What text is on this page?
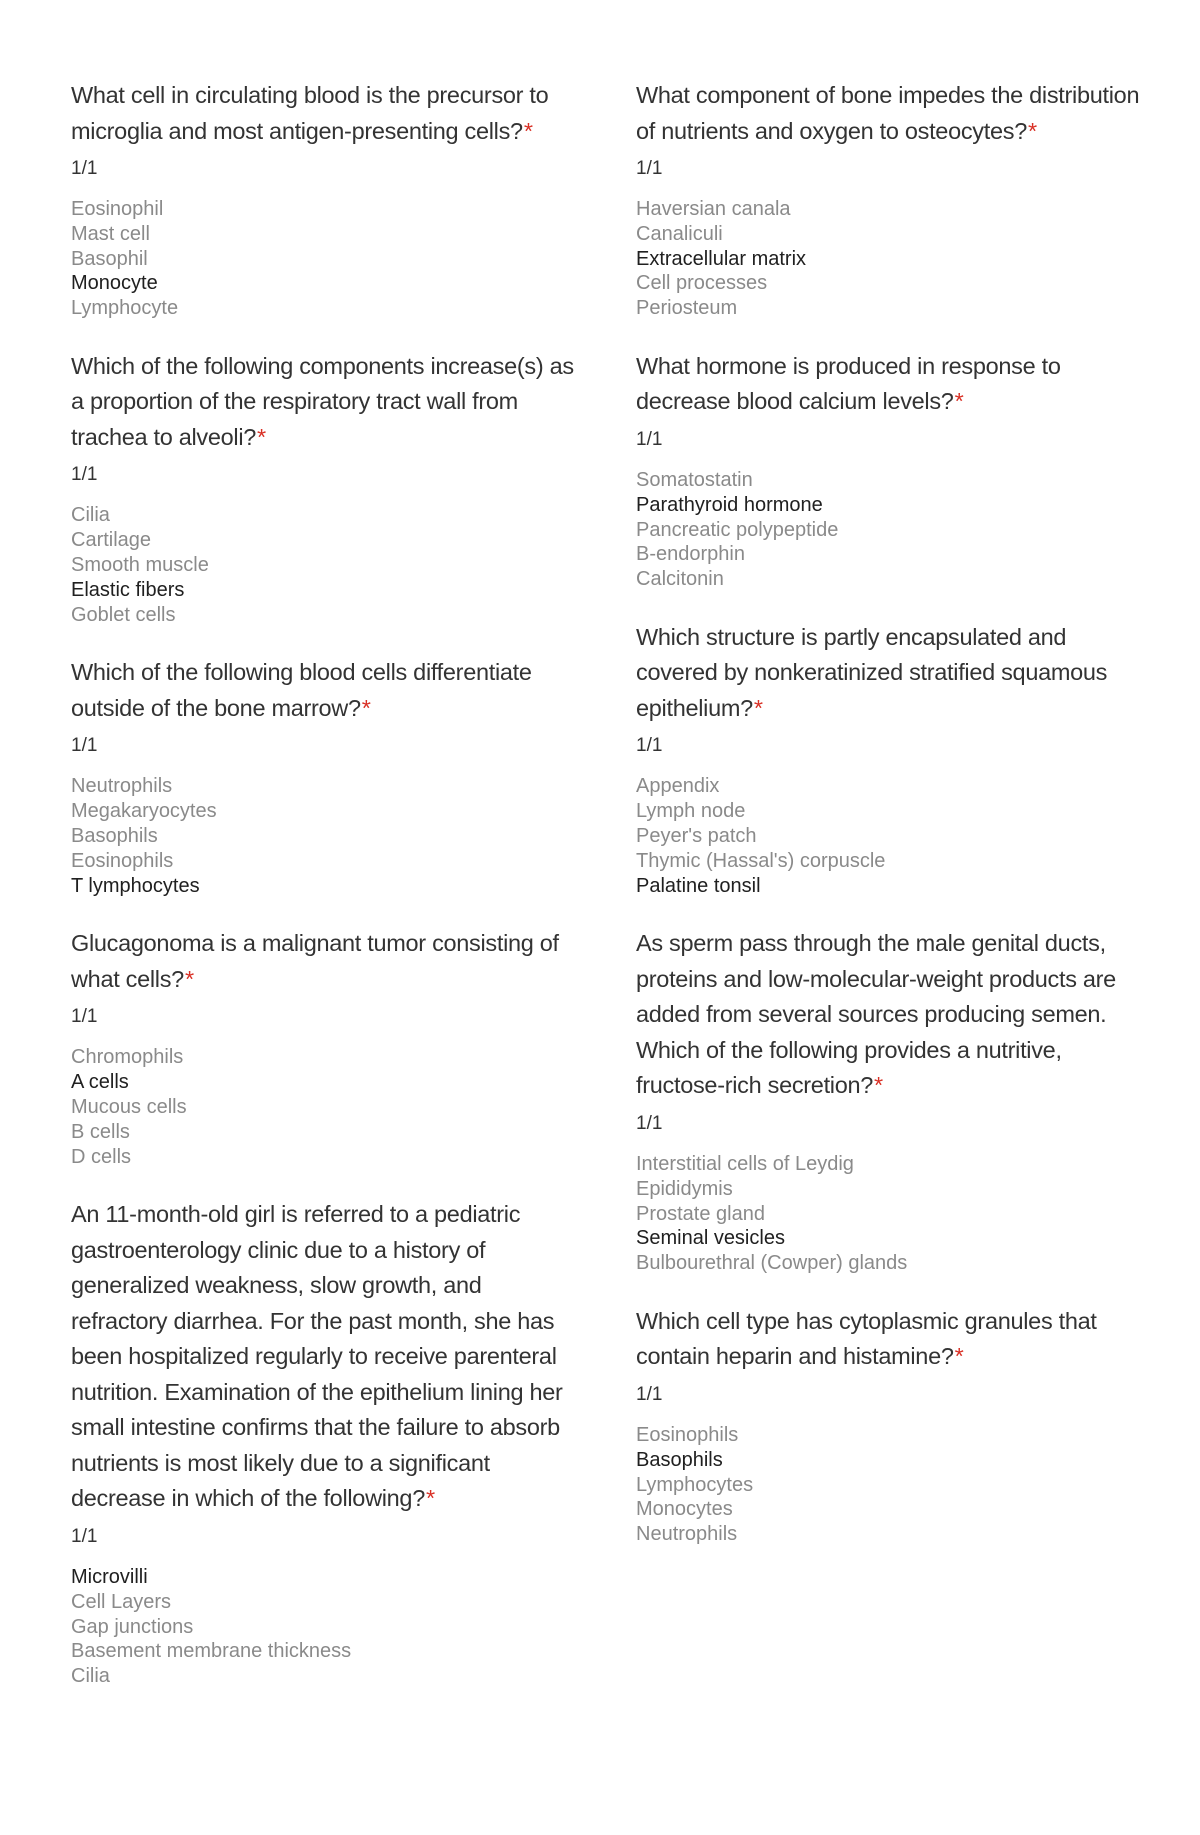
What cell in circulating blood is the precursor to microglia and most antigen-presenting cells?*
1/1
Eosinophil
Mast cell
Basophil
Monocyte
Lymphocyte
Which of the following components increase(s) as a proportion of the respiratory tract wall from trachea to alveoli?*
1/1
Cilia
Cartilage
Smooth muscle
Elastic fibers
Goblet cells
Which of the following blood cells differentiate outside of the bone marrow?*
1/1
Neutrophils
Megakaryocytes
Basophils
Eosinophils
T lymphocytes
Glucagonoma is a malignant tumor consisting of what cells?*
1/1
Chromophils
A cells
Mucous cells
B cells
D cells
An 11-month-old girl is referred to a pediatric gastroenterology clinic due to a history of generalized weakness, slow growth, and refractory diarrhea. For the past month, she has been hospitalized regularly to receive parenteral nutrition. Examination of the epithelium lining her small intestine confirms that the failure to absorb nutrients is most likely due to a significant decrease in which of the following?*
1/1
Microvilli
Cell Layers
Gap junctions
Basement membrane thickness
Cilia
What component of bone impedes the distribution of nutrients and oxygen to osteocytes?*
1/1
Haversian canala
Canaliculi
Extracellular matrix
Cell processes
Periosteum
What hormone is produced in response to decrease blood calcium levels?*
1/1
Somatostatin
Parathyroid hormone
Pancreatic polypeptide
B-endorphin
Calcitonin
Which structure is partly encapsulated and covered by nonkeratinized stratified squamous epithelium?*
1/1
Appendix
Lymph node
Peyer's patch
Thymic (Hassal's) corpuscle
Palatine tonsil
As sperm pass through the male genital ducts, proteins and low-molecular-weight products are added from several sources producing semen. Which of the following provides a nutritive, fructose-rich secretion?*
1/1
Interstitial cells of Leydig
Epididymis
Prostate gland
Seminal vesicles
Bulbourethral (Cowper) glands
Which cell type has cytoplasmic granules that contain heparin and histamine?*
1/1
Eosinophils
Basophils
Lymphocytes
Monocytes
Neutrophils
